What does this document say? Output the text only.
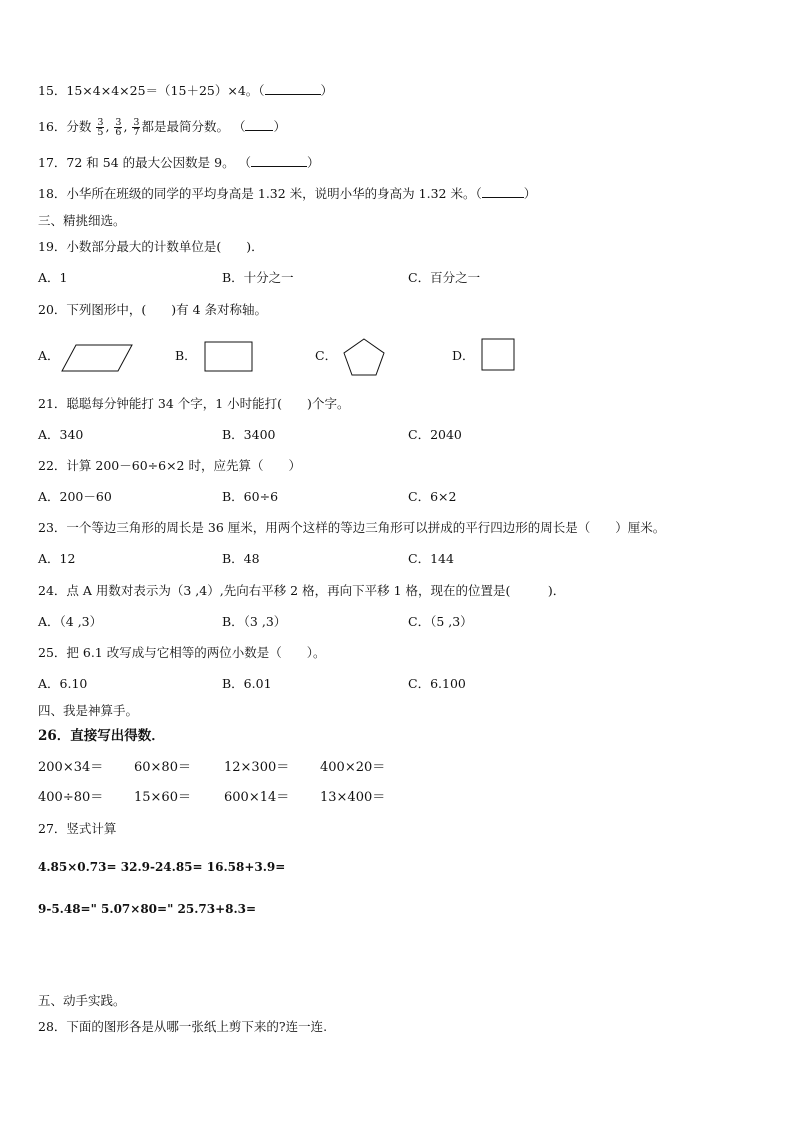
15．15×4×4×25＝（15＋25）×4。（	）
16．分数 $\frac{3}{5}$ , $\frac{3}{6}$ , $\frac{3}{7}$ 都是最简分数。 （ ）
17．72 和 54 的最大公因数是 9。 （	）
18．小华所在班级的同学的平均身高是 1.32 米，说明小华的身高为 1.32 米。（	）
三、精挑细选。
19．小数部分最大的计数单位是(　　)．
A．1	B．十分之一	C．百分之一
20．下列图形中，(　　)有 4 条对称轴。
A．	B．	C．	D．
21．聪聪每分钟能打 34 个字，1 小时能打(　　)个字。
A．340	B．3400	C．2040
22．计算 200－60÷6×2 时，应先算（　　）
A．200－60	B．60÷6	C．6×2
23．一个等边三角形的周长是 36 厘米，用两个这样的等边三角形可以拼成的平行四边形的周长是（　　）厘米。
A．12	B．48	C．144
24．点 A 用数对表示为（3 ,4）,先向右平移 2 格，再向下平移 1 格，现在的位置是(　　　)．
A．（4 ,3）	B．（3 ,3）	C．（5 ,3）
25．把 6.1 改写成与它相等的两位小数是（　　）。
A．6.10	B．6.01	C．6.100
四、我是神算手。
26．直接写出得数．
200×34＝ 60×80＝	12×300＝ 400×20＝
400÷80＝ 15×60＝	600×14＝ 13×400＝
27．竖式计算
4.85×0.73= 32.9-24.85= 16.58+3.9=
9-5.48=" 5.07×80=" 25.73+8.3=
五、动手实践。
28．下面的图形各是从哪一张纸上剪下来的?连一连.
